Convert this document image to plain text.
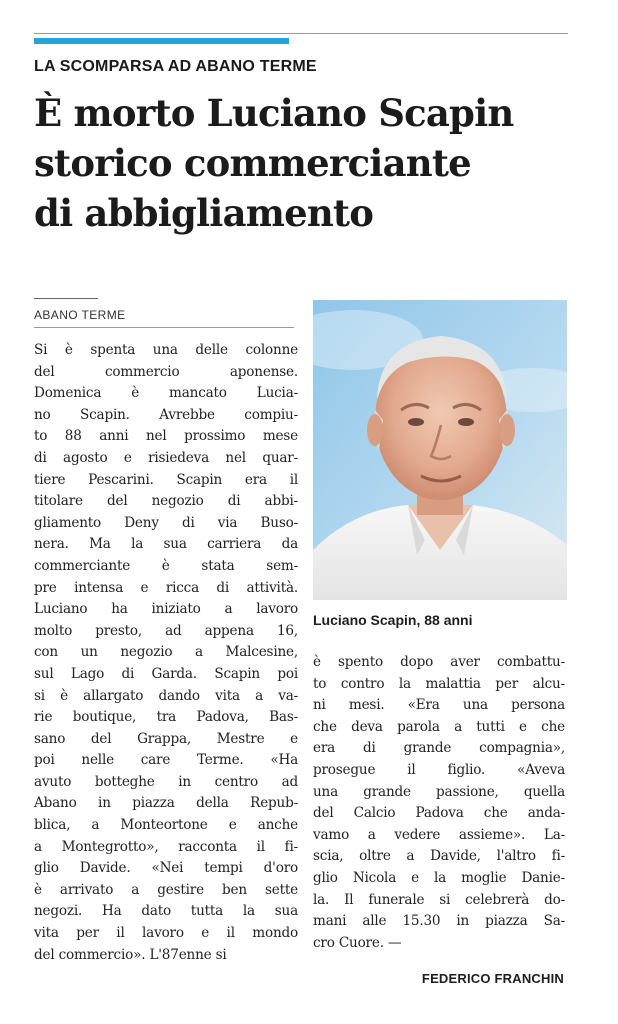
LA SCOMPARSA AD ABANO TERME
È morto Luciano Scapin
storico commerciante
di abbigliamento
ABANO TERME
Si è spenta una delle colonne
del commercio aponense.
Domenica è mancato Lucia-
no Scapin. Avrebbe compiu-
to 88 anni nel prossimo mese
di agosto e risiedeva nel quar-
tiere Pescarini. Scapin era il
titolare del negozio di abbi-
gliamento Deny di via Buso-
nera. Ma la sua carriera da
commerciante è stata sem-
pre intensa e ricca di attività.
Luciano ha iniziato a lavoro
molto presto, ad appena 16,
con un negozio a Malcesine,
sul Lago di Garda. Scapin poi
si è allargato dando vita a va-
rie boutique, tra Padova, Bas-
sano del Grappa, Mestre e
poi nelle care Terme. «Ha
avuto botteghe in centro ad
Abano in piazza della Repub-
blica, a Monteortone e anche
a Montegrotto», racconta il fi-
glio Davide. «Nei tempi d'oro
è arrivato a gestire ben sette
negozi. Ha dato tutta la sua
vita per il lavoro e il mondo
del commercio». L'87enne si
Luciano Scapin, 88 anni
è spento dopo aver combattu-
to contro la malattia per alcu-
ni mesi. «Era una persona
che deva parola a tutti e che
era di grande compagnia»,
prosegue il figlio. «Aveva
una grande passione, quella
del Calcio Padova che anda-
vamo a vedere assieme». La-
scia, oltre a Davide, l'altro fi-
glio Nicola e la moglie Danie-
la. Il funerale si celebrerà do-
mani alle 15.30 in piazza Sa-
cro Cuore. —
FEDERICO FRANCHIN
